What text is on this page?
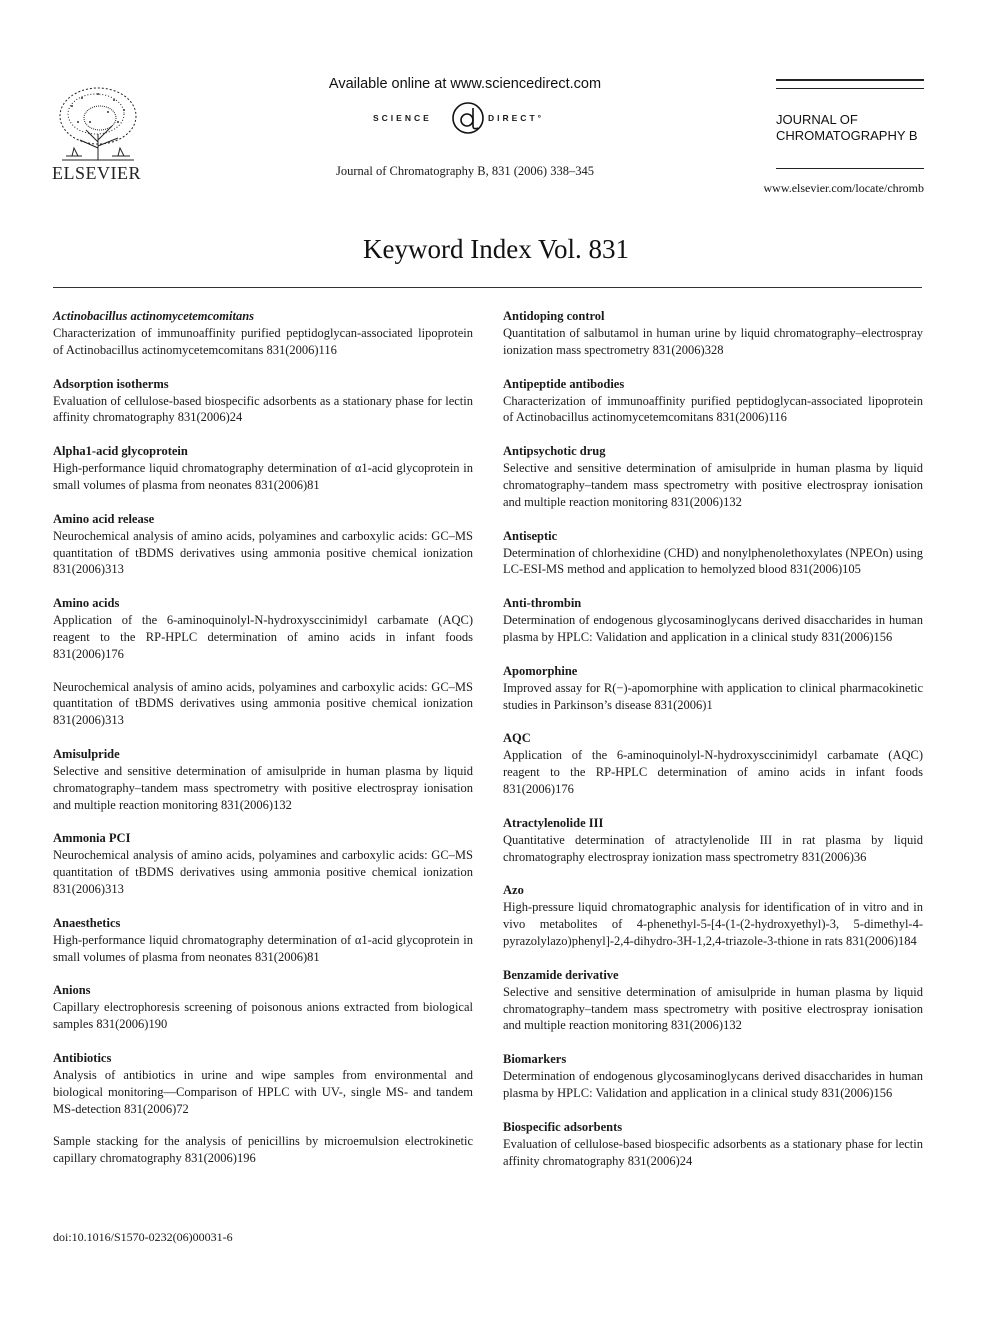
ELSEVIER
Available online at www.sciencedirect.com
SCIENCE	DIRECT°
Journal of Chromatography B, 831 (2006) 338–345
JOURNAL OF
CHROMATOGRAPHY B
www.elsevier.com/locate/chromb
Keyword Index Vol. 831
Actinobacillus actinomycetemcomitans
Characterization of immunoaffinity purified peptidoglycan-associated lipoprotein of Actinobacillus actinomycetemcomitans 831(2006)116
Adsorption isotherms
Evaluation of cellulose-based biospecific adsorbents as a stationary phase for lectin affinity chromatography 831(2006)24
Alpha1-acid glycoprotein
High-performance liquid chromatography determination of α1-acid glycoprotein in small volumes of plasma from neonates 831(2006)81
Amino acid release
Neurochemical analysis of amino acids, polyamines and carboxylic acids: GC–MS quantitation of tBDMS derivatives using ammonia positive chemical ionization 831(2006)313
Amino acids
Application of the 6-aminoquinolyl-N-hydroxysccinimidyl carbamate (AQC) reagent to the RP-HPLC determination of amino acids in infant foods 831(2006)176
Neurochemical analysis of amino acids, polyamines and carboxylic acids: GC–MS quantitation of tBDMS derivatives using ammonia positive chemical ionization 831(2006)313
Amisulpride
Selective and sensitive determination of amisulpride in human plasma by liquid chromatography–tandem mass spectrometry with positive electrospray ionisation and multiple reaction monitoring 831(2006)132
Ammonia PCI
Neurochemical analysis of amino acids, polyamines and carboxylic acids: GC–MS quantitation of tBDMS derivatives using ammonia positive chemical ionization 831(2006)313
Anaesthetics
High-performance liquid chromatography determination of α1-acid glycoprotein in small volumes of plasma from neonates 831(2006)81
Anions
Capillary electrophoresis screening of poisonous anions extracted from biological samples 831(2006)190
Antibiotics
Analysis of antibiotics in urine and wipe samples from environmental and biological monitoring—Comparison of HPLC with UV-, single MS- and tandem MS-detection 831(2006)72
Sample stacking for the analysis of penicillins by microemulsion electrokinetic capillary chromatography 831(2006)196
Antidoping control
Quantitation of salbutamol in human urine by liquid chromatography–electrospray ionization mass spectrometry 831(2006)328
Antipeptide antibodies
Characterization of immunoaffinity purified peptidoglycan-associated lipoprotein of Actinobacillus actinomycetemcomitans 831(2006)116
Antipsychotic drug
Selective and sensitive determination of amisulpride in human plasma by liquid chromatography–tandem mass spectrometry with positive electrospray ionisation and multiple reaction monitoring 831(2006)132
Antiseptic
Determination of chlorhexidine (CHD) and nonylphenolethoxylates (NPEOn) using LC-ESI-MS method and application to hemolyzed blood 831(2006)105
Anti-thrombin
Determination of endogenous glycosaminoglycans derived disaccharides in human plasma by HPLC: Validation and application in a clinical study 831(2006)156
Apomorphine
Improved assay for R(−)-apomorphine with application to clinical pharmacokinetic studies in Parkinson’s disease 831(2006)1
AQC
Application of the 6-aminoquinolyl-N-hydroxysccinimidyl carbamate (AQC) reagent to the RP-HPLC determination of amino acids in infant foods 831(2006)176
Atractylenolide III
Quantitative determination of atractylenolide III in rat plasma by liquid chromatography electrospray ionization mass spectrometry 831(2006)36
Azo
High-pressure liquid chromatographic analysis for identification of in vitro and in vivo metabolites of 4-phenethyl-5-[4-(1-(2-hydroxyethyl)-3, 5-dimethyl-4-pyrazolylazo)phenyl]-2,4-dihydro-3H-1,2,4-triazole-3-thione in rats 831(2006)184
Benzamide derivative
Selective and sensitive determination of amisulpride in human plasma by liquid chromatography–tandem mass spectrometry with positive electrospray ionisation and multiple reaction monitoring 831(2006)132
Biomarkers
Determination of endogenous glycosaminoglycans derived disaccharides in human plasma by HPLC: Validation and application in a clinical study 831(2006)156
Biospecific adsorbents
Evaluation of cellulose-based biospecific adsorbents as a stationary phase for lectin affinity chromatography 831(2006)24
doi:10.1016/S1570-0232(06)00031-6
